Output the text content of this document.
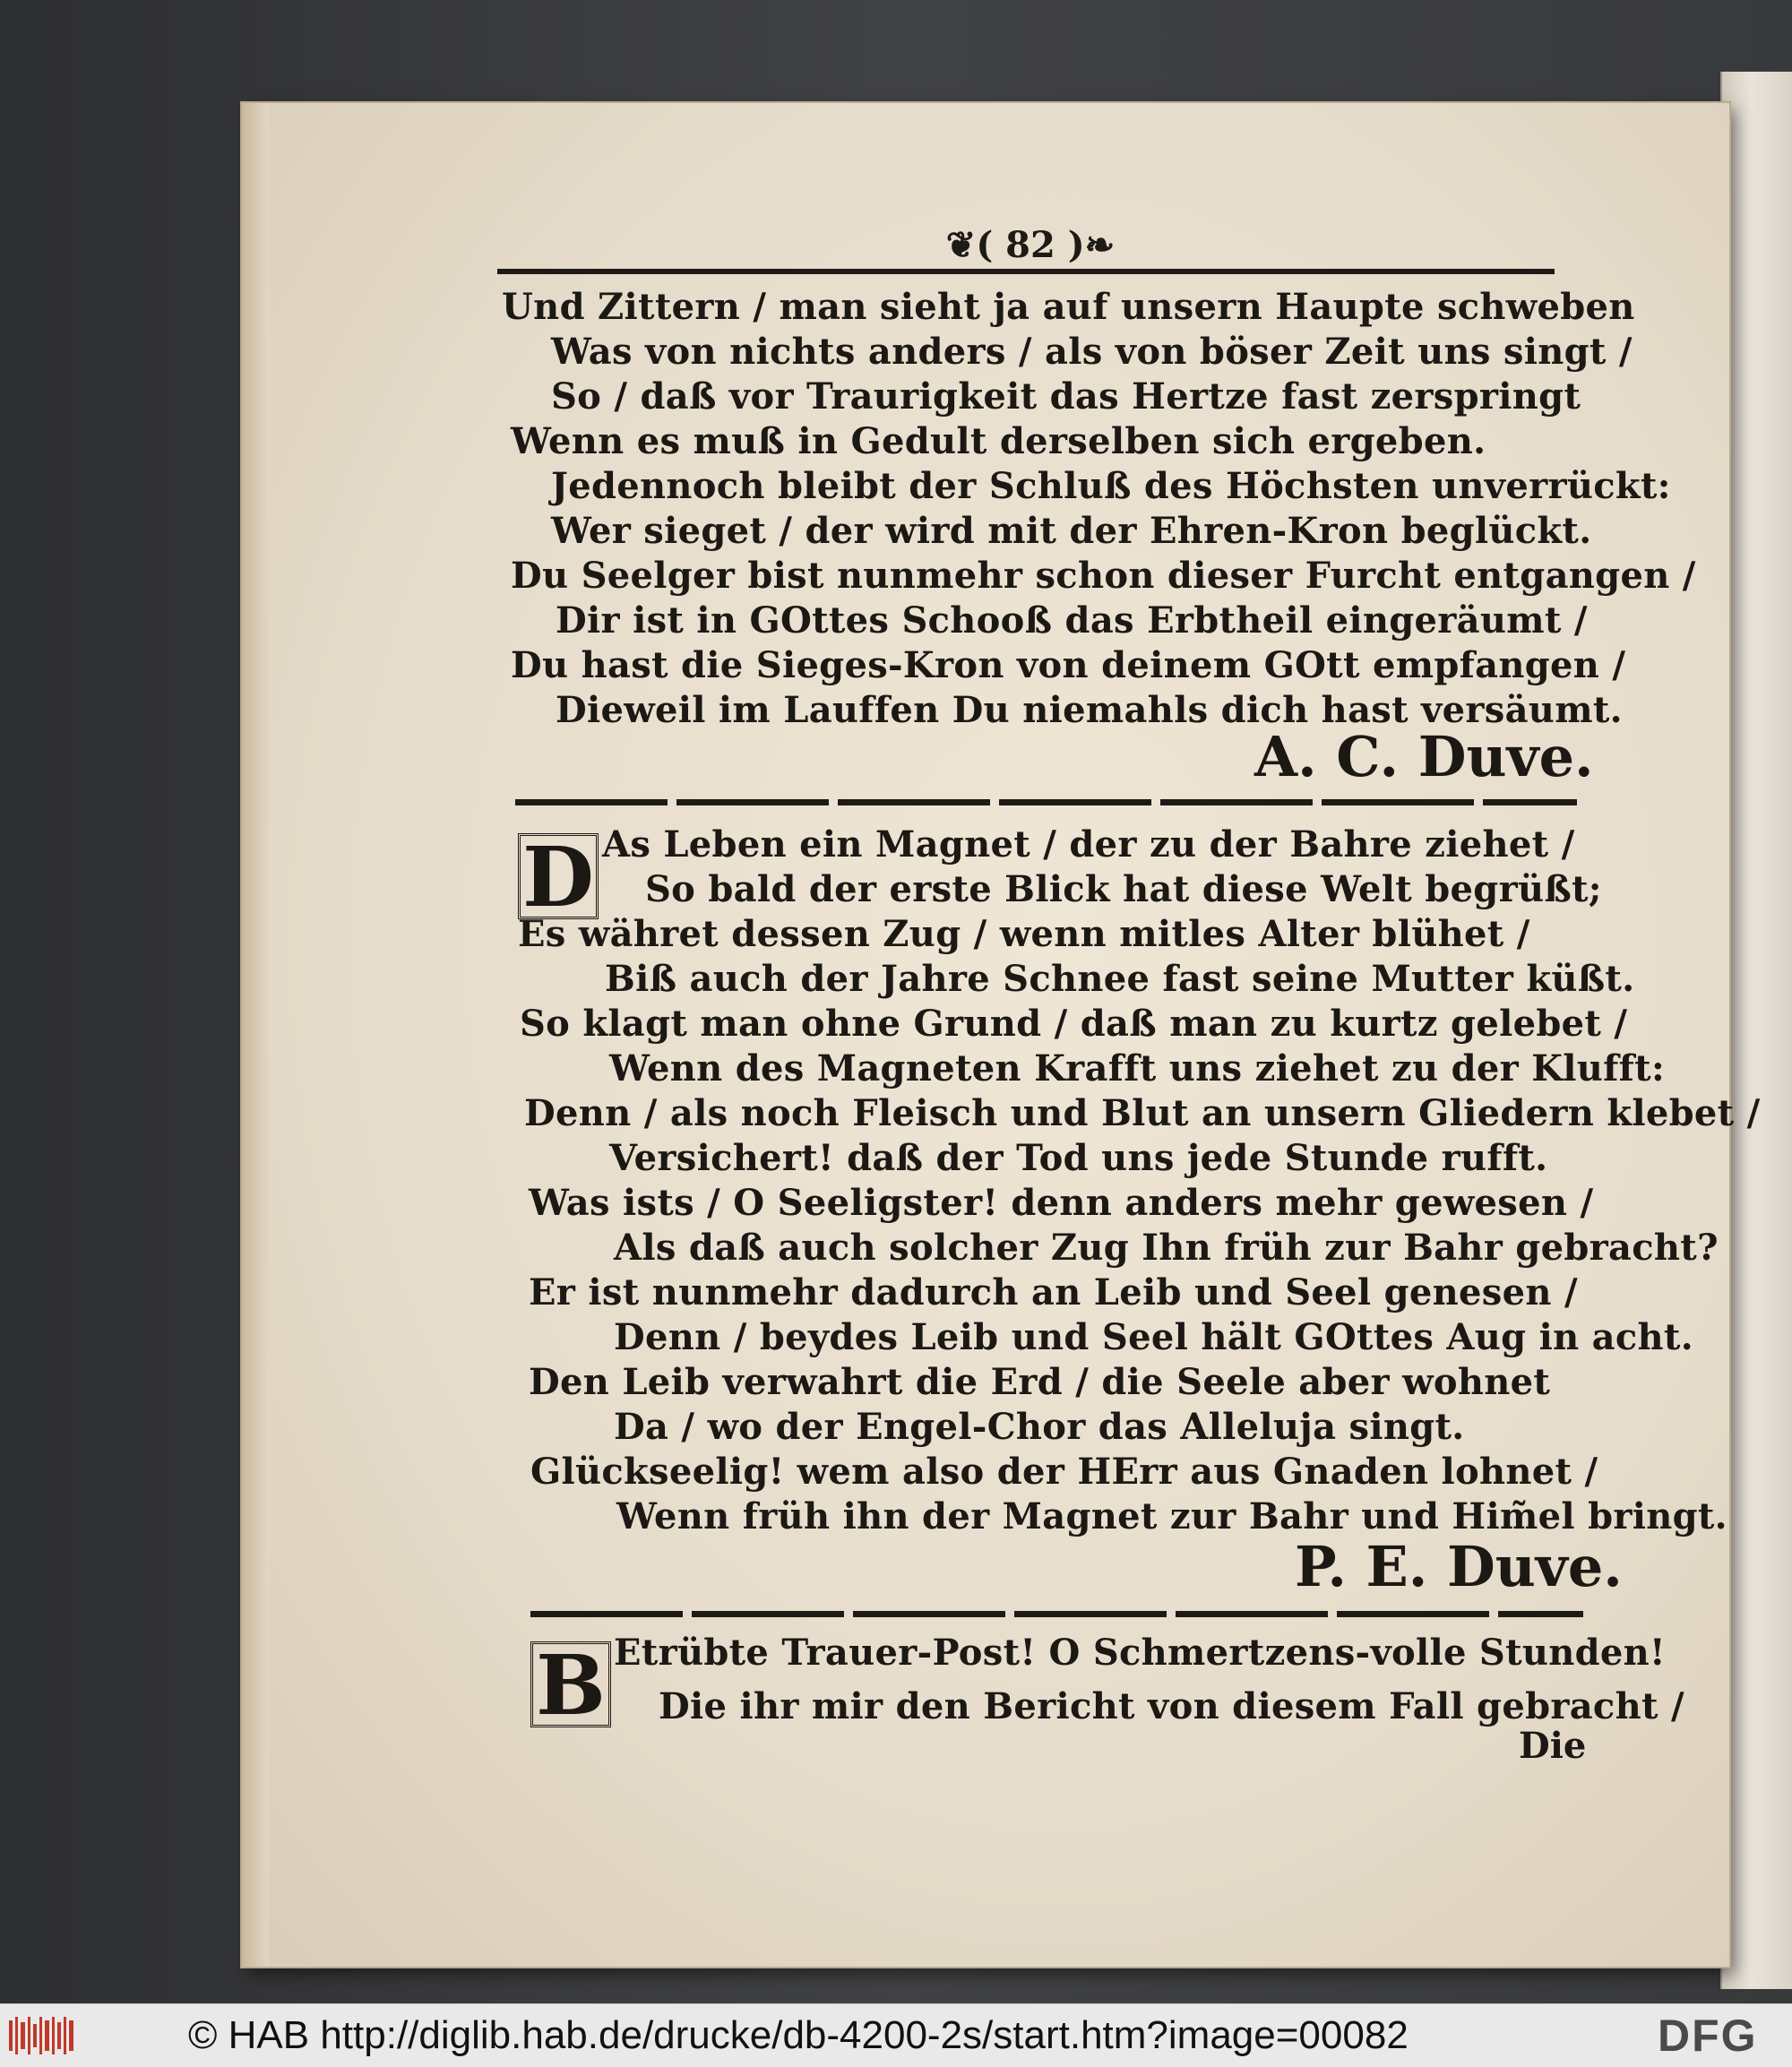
❦( 82 )❧
Und Zittern / man sieht ja auf unsern Haupte schweben
Was von nichts anders / als von böser Zeit uns singt /
So / daß vor Traurigkeit das Hertze fast zerspringt
Wenn es muß in Gedult derselben sich ergeben.
Jedennoch bleibt der Schluß des Höchsten unverrückt:
Wer sieget / der wird mit der Ehren-Kron beglückt.
Du Seelger bist nunmehr schon dieser Furcht entgangen /
Dir ist in GOttes Schooß das Erbtheil eingeräumt /
Du hast die Sieges-Kron von deinem GOtt empfangen /
Dieweil im Lauffen Du niemahls dich hast versäumt.
A. C. Duve.
D As Leben ein Magnet / der zu der Bahre ziehet /
So bald der erste Blick hat diese Welt begrüßt;
Es währet dessen Zug / wenn mitles Alter blühet /
Biß auch der Jahre Schnee fast seine Mutter küßt.
So klagt man ohne Grund / daß man zu kurtz gelebet /
Wenn des Magneten Krafft uns ziehet zu der Klufft:
Denn / als noch Fleisch und Blut an unsern Gliedern klebet /
Versichert! daß der Tod uns jede Stunde rufft.
Was ists / O Seeligster! denn anders mehr gewesen /
Als daß auch solcher Zug Ihn früh zur Bahr gebracht?
Er ist nunmehr dadurch an Leib und Seel genesen /
Denn / beydes Leib und Seel hält GOttes Aug in acht.
Den Leib verwahrt die Erd / die Seele aber wohnet
Da / wo der Engel-Chor das Alleluja singt.
Glückseelig! wem also der HErr aus Gnaden lohnet /
Wenn früh ihn der Magnet zur Bahr und Him̃el bringt.
P. E. Duve.
B Etrübte Trauer-Post! O Schmertzens-volle Stunden!
Die ihr mir den Bericht von diesem Fall gebracht /
Die
© HAB http://diglib.hab.de/drucke/db-4200-2s/start.htm?image=00082	DFG
